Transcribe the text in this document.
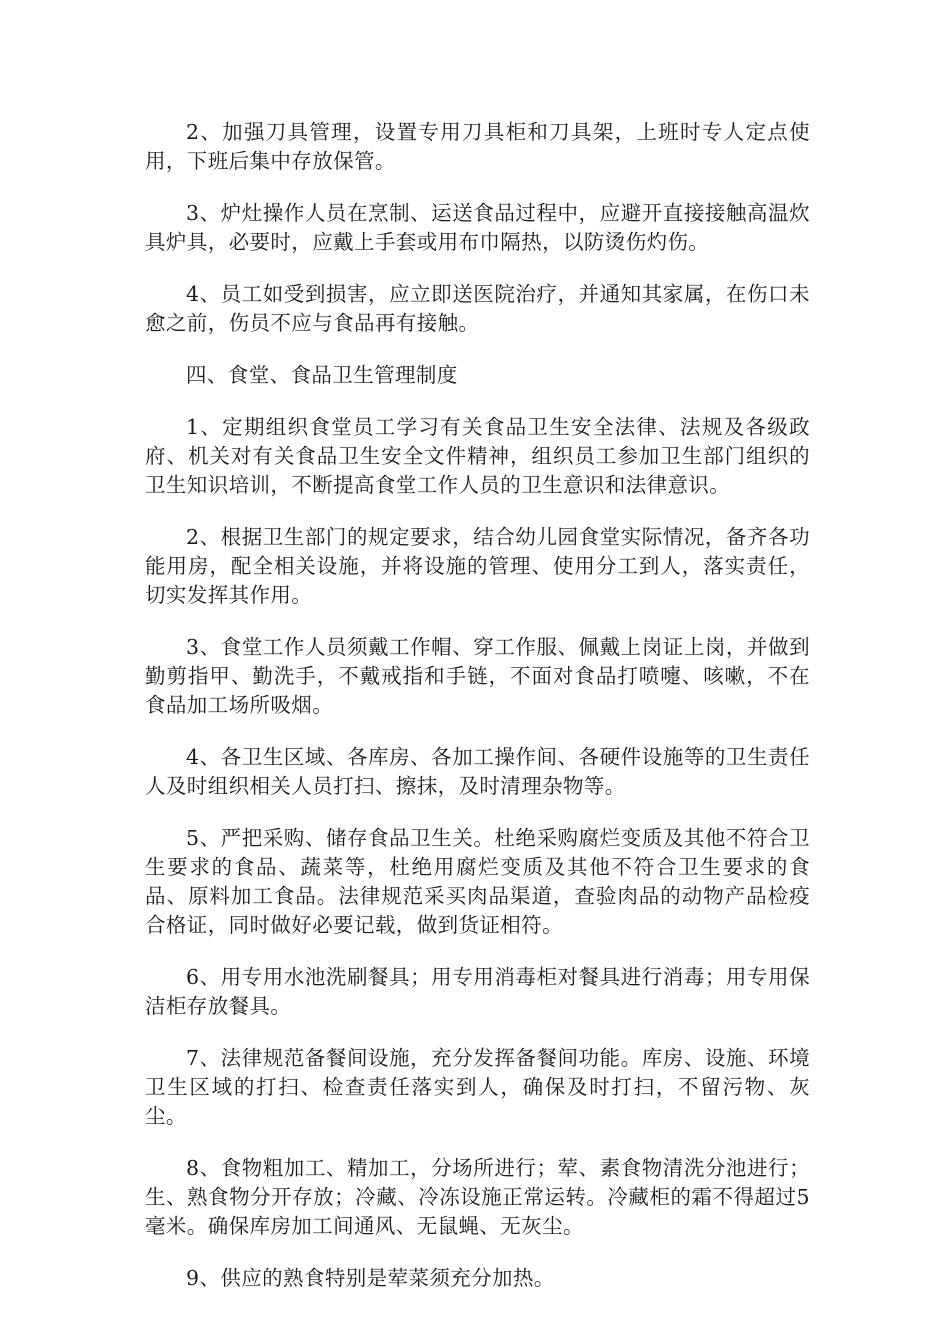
2、加强刀具管理，设置专用刀具柜和刀具架，上班时专人定点使用，下班后集中存放保管。

3、炉灶操作人员在烹制、运送食品过程中，应避开直接接触高温炊具炉具，必要时，应戴上手套或用布巾隔热，以防烫伤灼伤。

4、员工如受到损害，应立即送医院治疗，并通知其家属，在伤口未愈之前，伤员不应与食品再有接触。

四、食堂、食品卫生管理制度

1、定期组织食堂员工学习有关食品卫生安全法律、法规及各级政府、机关对有关食品卫生安全文件精神，组织员工参加卫生部门组织的卫生知识培训，不断提高食堂工作人员的卫生意识和法律意识。

2、根据卫生部门的规定要求，结合幼儿园食堂实际情况，备齐各功能用房，配全相关设施，并将设施的管理、使用分工到人，落实责任，切实发挥其作用。

3、食堂工作人员须戴工作帽、穿工作服、佩戴上岗证上岗，并做到勤剪指甲、勤洗手，不戴戒指和手链，不面对食品打喷嚏、咳嗽，不在食品加工场所吸烟。

4、各卫生区域、各库房、各加工操作间、各硬件设施等的卫生责任人及时组织相关人员打扫、擦抹，及时清理杂物等。

5、严把采购、储存食品卫生关。杜绝采购腐烂变质及其他不符合卫生要求的食品、蔬菜等，杜绝用腐烂变质及其他不符合卫生要求的食品、原料加工食品。法律规范采买肉品渠道，查验肉品的动物产品检疫合格证，同时做好必要记载，做到货证相符。

6、用专用水池洗刷餐具；用专用消毒柜对餐具进行消毒；用专用保洁柜存放餐具。

7、法律规范备餐间设施，充分发挥备餐间功能。库房、设施、环境卫生区域的打扫、检查责任落实到人，确保及时打扫，不留污物、灰尘。

8、食物粗加工、精加工，分场所进行；荤、素食物清洗分池进行；生、熟食物分开存放；冷藏、冷冻设施正常运转。冷藏柜的霜不得超过5毫米。确保库房加工间通风、无鼠蝇、无灰尘。

9、供应的熟食特别是荤菜须充分加热。
